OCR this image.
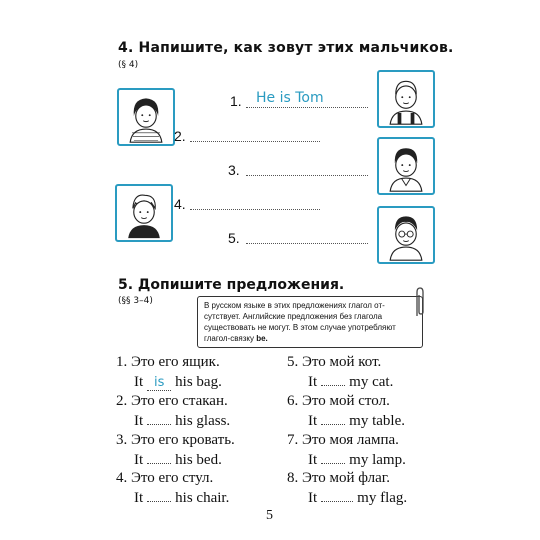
4. Напишите, как зовут этих мальчиков.
(§ 4)
1. He is Tom
2.
3.
4.
5.
5. Допишите предложения.
(§§ 3–4)	В русском языке в этих предложениях глагол от-
сутствует. Английские предложения без глагола
существовать не могут. В этом случае употребляют
глагол-связку be.
1. Это его ящик.
It is his bag.
2. Это его стакан.
It his glass.
3. Это его кровать.
It his bed.
4. Это его стул.
It his chair.
5. Это мой кот.
It my cat.
6. Это мой стол.
It my table.
7. Это моя лампа.
It my lamp.
8. Это мой флаг.
It	my flag.
5
